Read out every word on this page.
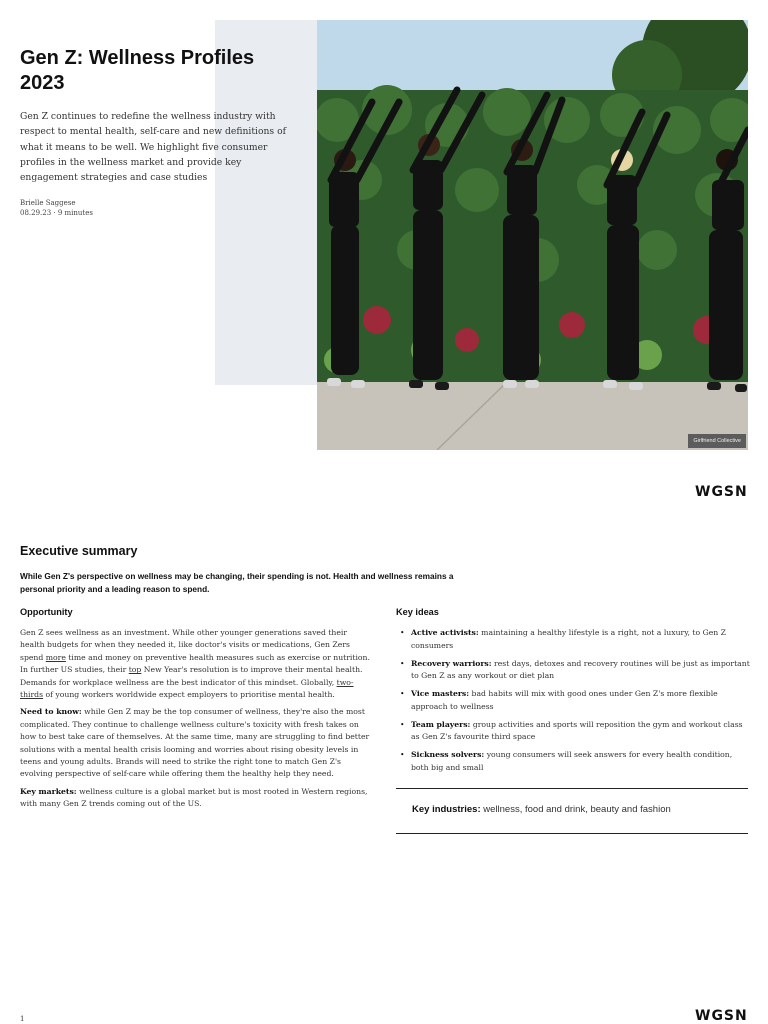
Girlfriend Collective
Gen Z: Wellness Profiles 2023

Gen Z continues to redefine the wellness industry with respect to mental health, self-care and new definitions of what it means to be well. We highlight five consumer profiles in the wellness market and provide key engagement strategies and case studies

Brielle Saggese
08.29.23 · 9 minutes
WGSN
Executive summary

While Gen Z's perspective on wellness may be changing, their spending is not. Health and wellness remains a personal priority and a leading reason to spend.

Opportunity

Gen Z sees wellness as an investment. While other younger generations saved their health budgets for when they needed it, like doctor's visits or medications, Gen Zers spend more time and money on preventive health measures such as exercise or nutrition. In further US studies, their top New Year's resolution is to improve their mental health. Demands for workplace wellness are the best indicator of this mindset. Globally, two-thirds of young workers worldwide expect employers to prioritise mental health.

Need to know: while Gen Z may be the top consumer of wellness, they're also the most complicated. They continue to challenge wellness culture's toxicity with fresh takes on how to best take care of themselves. At the same time, many are struggling to find better solutions with a mental health crisis looming and worries about rising obesity levels in teens and young adults. Brands will need to strike the right tone to match Gen Z's evolving perspective of self-care while offering them the healthy help they need.

Key markets: wellness culture is a global market but is most rooted in Western regions, with many Gen Z trends coming out of the US.

Key ideas
• Active activists: maintaining a healthy lifestyle is a right, not a luxury, to Gen Z consumers
• Recovery warriors: rest days, detoxes and recovery routines will be just as important to Gen Z as any workout or diet plan
• Vice masters: bad habits will mix with good ones under Gen Z's more flexible approach to wellness
• Team players: group activities and sports will reposition the gym and workout class as Gen Z's favourite third space
• Sickness solvers: young consumers will seek answers for every health condition, both big and small
Key industries: wellness, food and drink, beauty and fashion
1	WGSN
